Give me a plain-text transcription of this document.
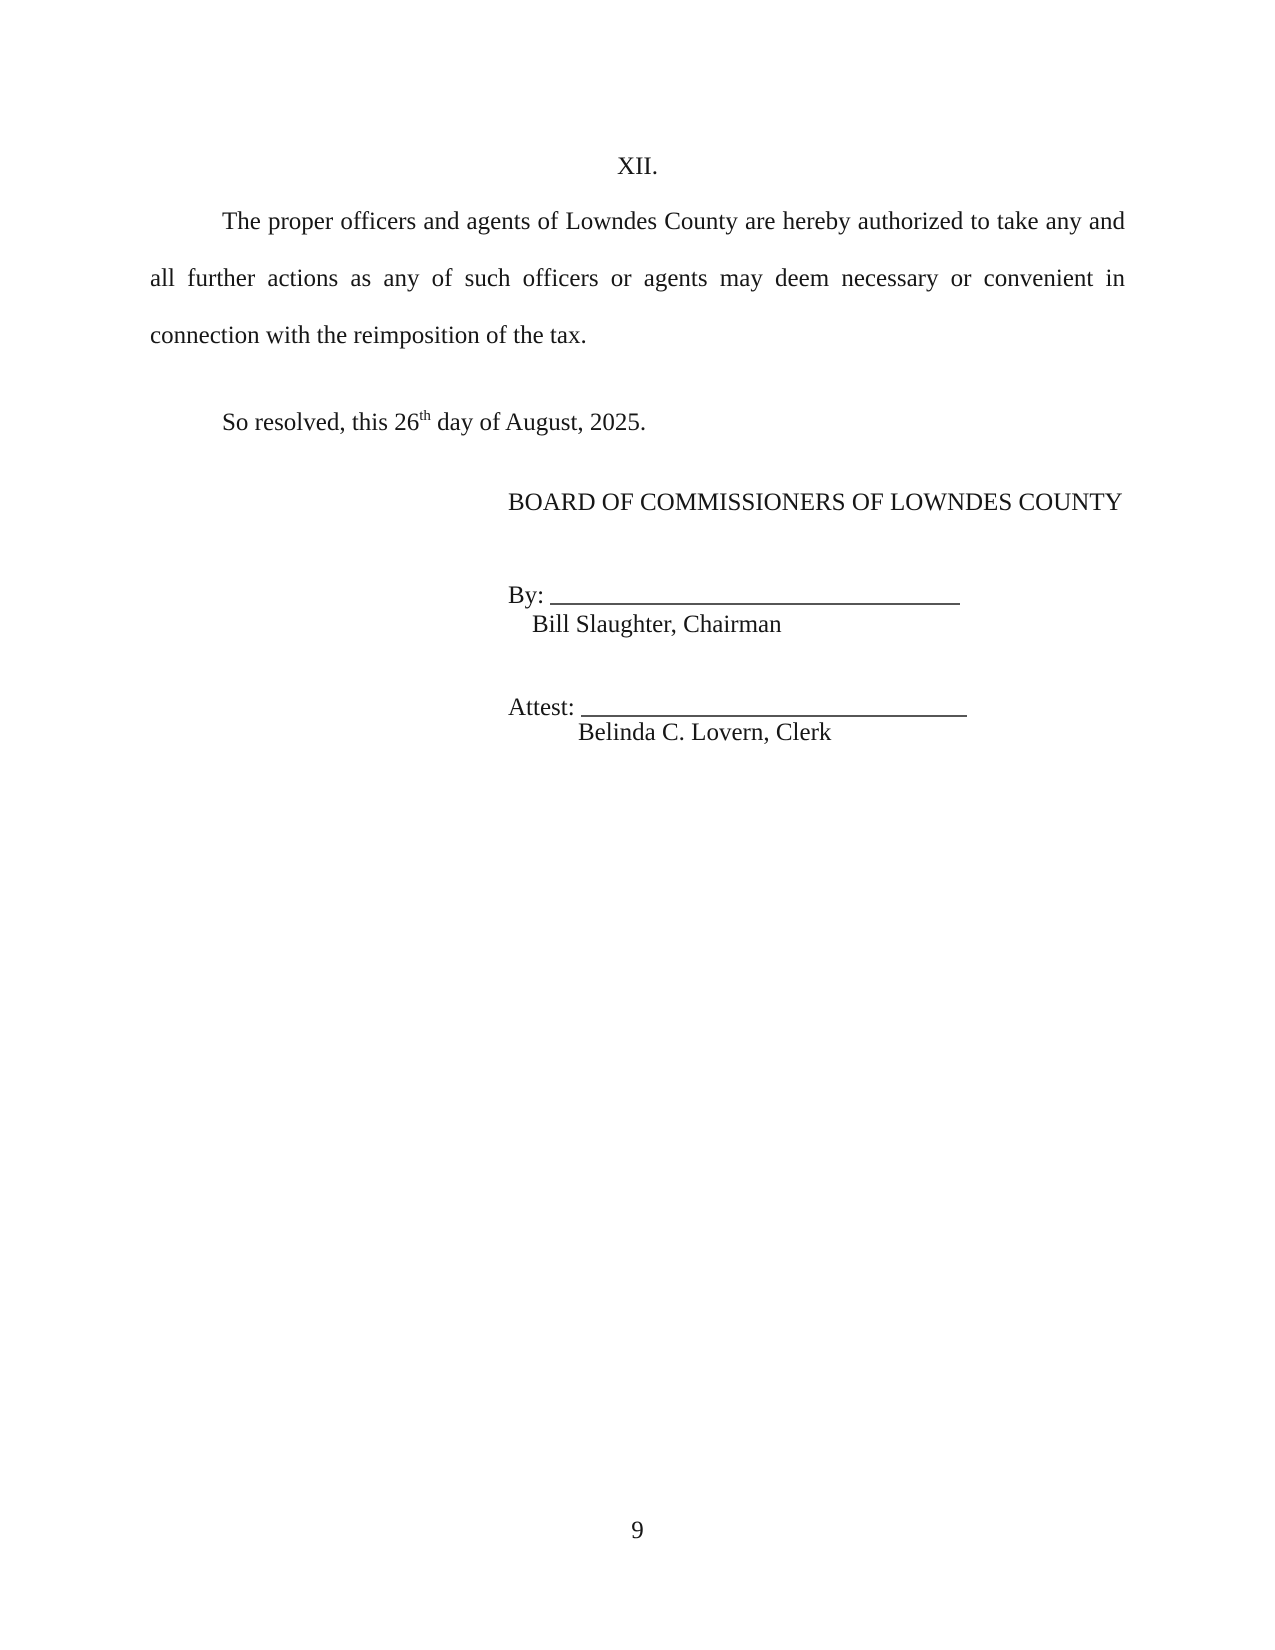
XII.
The proper officers and agents of Lowndes County are hereby authorized to take any and
all further actions as any of such officers or agents may deem necessary or convenient in
connection with the reimposition of the tax.
So resolved, this 26th day of August, 2025.
BOARD OF COMMISSIONERS OF LOWNDES COUNTY
By:
Bill Slaughter, Chairman
Attest:
Belinda C. Lovern, Clerk
9
